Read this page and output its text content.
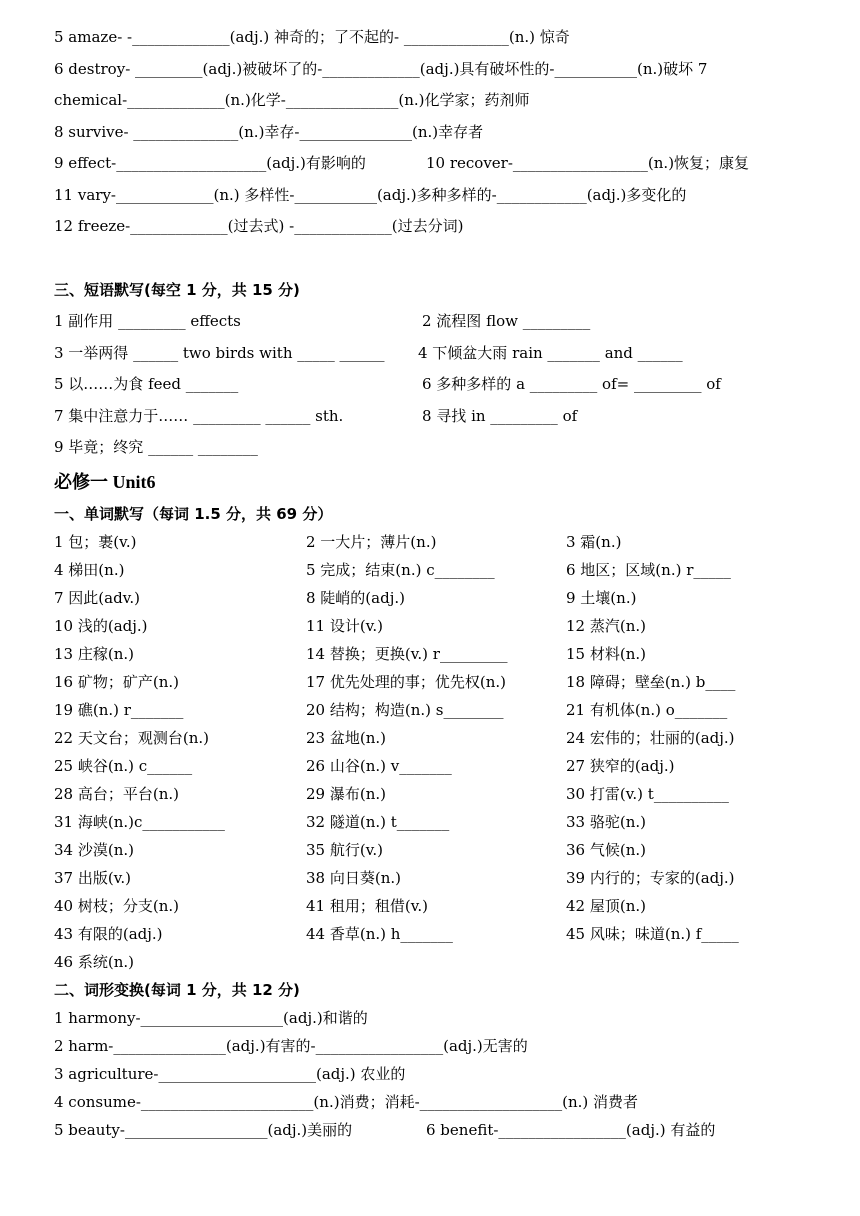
5 amaze- -_____________(adj.) 神奇的；了不起的- ______________(n.) 惊奇
6 destroy- _________(adj.)被破坏了的-_____________(adj.)具有破坏性的-___________(n.)破坏 7
chemical-_____________(n.)化学-_______________(n.)化学家；药剂师
8 survive- ______________(n.)幸存-_______________(n.)幸存者
9 effect-____________________(adj.)有影响的	10 recover-__________________(n.)恢复；康复
11 vary-_____________(n.) 多样性-___________(adj.)多种多样的-____________(adj.)多变化的
12 freeze-_____________(过去式) -_____________(过去分词)
三、短语默写(每空 1 分，共 15 分)
1 副作用 _________ effects	2 流程图 flow _________
3 一举两得 ______ two birds with _____ ______ 4 下倾盆大雨 rain _______ and ______
5 以……为食 feed _______	6 多种多样的 a _________ of= _________ of
7 集中注意力于…… _________ ______ sth.	8 寻找 in _________ of
9 毕竟；终究 ______ ________
必修一 Unit6
一、单词默写（每词 1.5 分，共 69 分）
1 包；裹(v.)	2 一大片；薄片(n.)	3 霜(n.)
4 梯田(n.)	5 完成；结束(n.) c________	6 地区；区域(n.) r_____
7 因此(adv.)	8 陡峭的(adj.)	9 土壤(n.)
10 浅的(adj.)	11 设计(v.)	12 蒸汽(n.)
13 庄稼(n.)	14 替换；更换(v.) r_________	15 材料(n.)
16 矿物；矿产(n.)	17 优先处理的事；优先权(n.)	18 障碍；壁垒(n.) b____
19 礁(n.) r_______	20 结构；构造(n.) s________	21 有机体(n.) o_______
22 天文台；观测台(n.)	23 盆地(n.)	24 宏伟的；壮丽的(adj.)
25 峡谷(n.) c______	26 山谷(n.) v_______	27 狭窄的(adj.)
28 高台；平台(n.)	29 瀑布(n.)	30 打雷(v.) t__________
31 海峡(n.)c___________	32 隧道(n.) t_______	33 骆驼(n.)
34 沙漠(n.)	35 航行(v.)	36 气候(n.)
37 出版(v.)	38 向日葵(n.)	39 内行的；专家的(adj.)
40 树枝；分支(n.)	41 租用；租借(v.)	42 屋顶(n.)
43 有限的(adj.)	44 香草(n.) h_______	45 风味；味道(n.) f_____
46 系统(n.)
二、词形变换(每词 1 分，共 12 分)
1 harmony-___________________(adj.)和谐的
2 harm-_______________(adj.)有害的-_________________(adj.)无害的
3 agriculture-_____________________(adj.) 农业的
4 consume-_______________________(n.)消费；消耗-___________________(n.) 消费者
5 beauty-___________________(adj.)美丽的	6 benefit-_________________(adj.) 有益的
